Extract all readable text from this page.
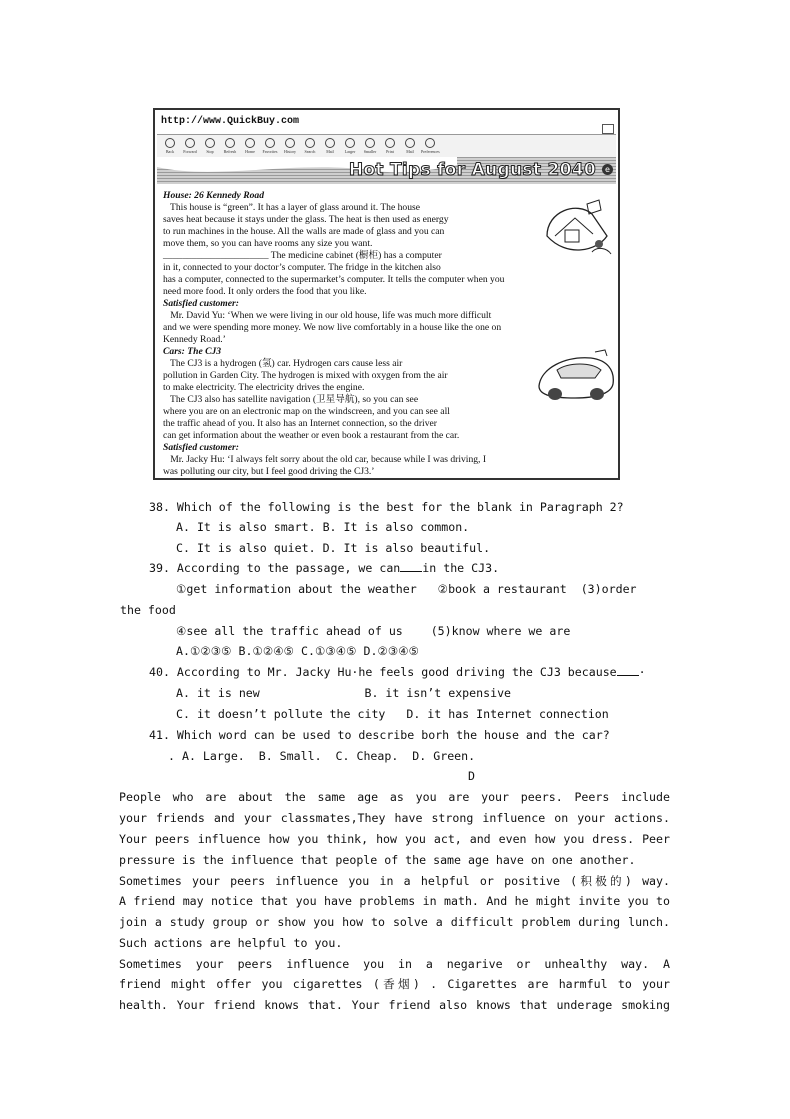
http://www.QuickBuy.com
Back	Forward	Stop	Refresh	Home	Favorites	History	Search	Mail	Larger	Smaller	Print	Mail	Preferences
Hot Tips for August 2040	e
House: 26 Kennedy Road
This house is “green”. It has a layer of glass around it. The house
saves heat because it stays under the glass. The heat is then used as energy
to run machines in the house. All the walls are made of glass and you can
move them, so you can have rooms any size you want.
______________________ The medicine cabinet (橱柜) has a computer
in it, connected to your doctor’s computer. The fridge in the kitchen also
has a computer, connected to the supermarket’s computer. It tells the computer when you
need more food. It only orders the food that you like.
Satisfied customer:
Mr. David Yu: ‘When we were living in our old house, life was much more difficult
and we were spending more money. We now live comfortably in a house like the one on
Kennedy Road.’
Cars: The CJ3
The CJ3 is a hydrogen (氢) car. Hydrogen cars cause less air
pollution in Garden City. The hydrogen is mixed with oxygen from the air
to make electricity. The electricity drives the engine.
The CJ3 also has satellite navigation (卫星导航), so you can see
where you are on an electronic map on the windscreen, and you can see all
the traffic ahead of you. It also has an Internet connection, so the driver
can get information about the weather or even book a restaurant from the car.
Satisfied customer:
Mr. Jacky Hu: ‘I always felt sorry about the old car, because while I was driving, I
was polluting our city, but I feel good driving the CJ3.’
38. Which of the following is the best for the blank in Paragraph 2?
A. It is also smart. B. It is also common.
C. It is also quiet. D. It is also beautiful.
39. According to the passage, we can in the CJ3.
①get information about the weather   ②book a restaurant  (3)order
the food
④see all the traffic ahead of us    (5)know where we are
A.①②③⑤ B.①②④⑤ C.①③④⑤ D.②③④⑤
40. According to Mr. Jacky Hu·he feels good driving the CJ3 because ·
A. it is new               B. it isn’t expensive
C. it doesn’t pollute the city   D. it has Internet connection
41. Which word can be used to describe borh the house and the car?
. A. Large.  B. Small.  C. Cheap.  D. Green.
D
People who are about the same age as you are your peers. Peers include
your friends and your classmates,They have strong influence on your actions.
Your peers influence how you think, how you act, and even how you dress. Peer
pressure is the influence that people of the same age have on one another.
Sometimes your peers influence you in a helpful or positive (积极的) way.
A friend may notice that you have problems in math. And he might invite you to
join a study group or show you how to solve a difficult problem during lunch.
Such actions are helpful to you.
Sometimes your peers influence you in a negarive or unhealthy way. A
friend might offer you cigarettes (香烟) . Cigarettes are harmful to your
health. Your friend knows that. Your friend also knows that underage smoking
